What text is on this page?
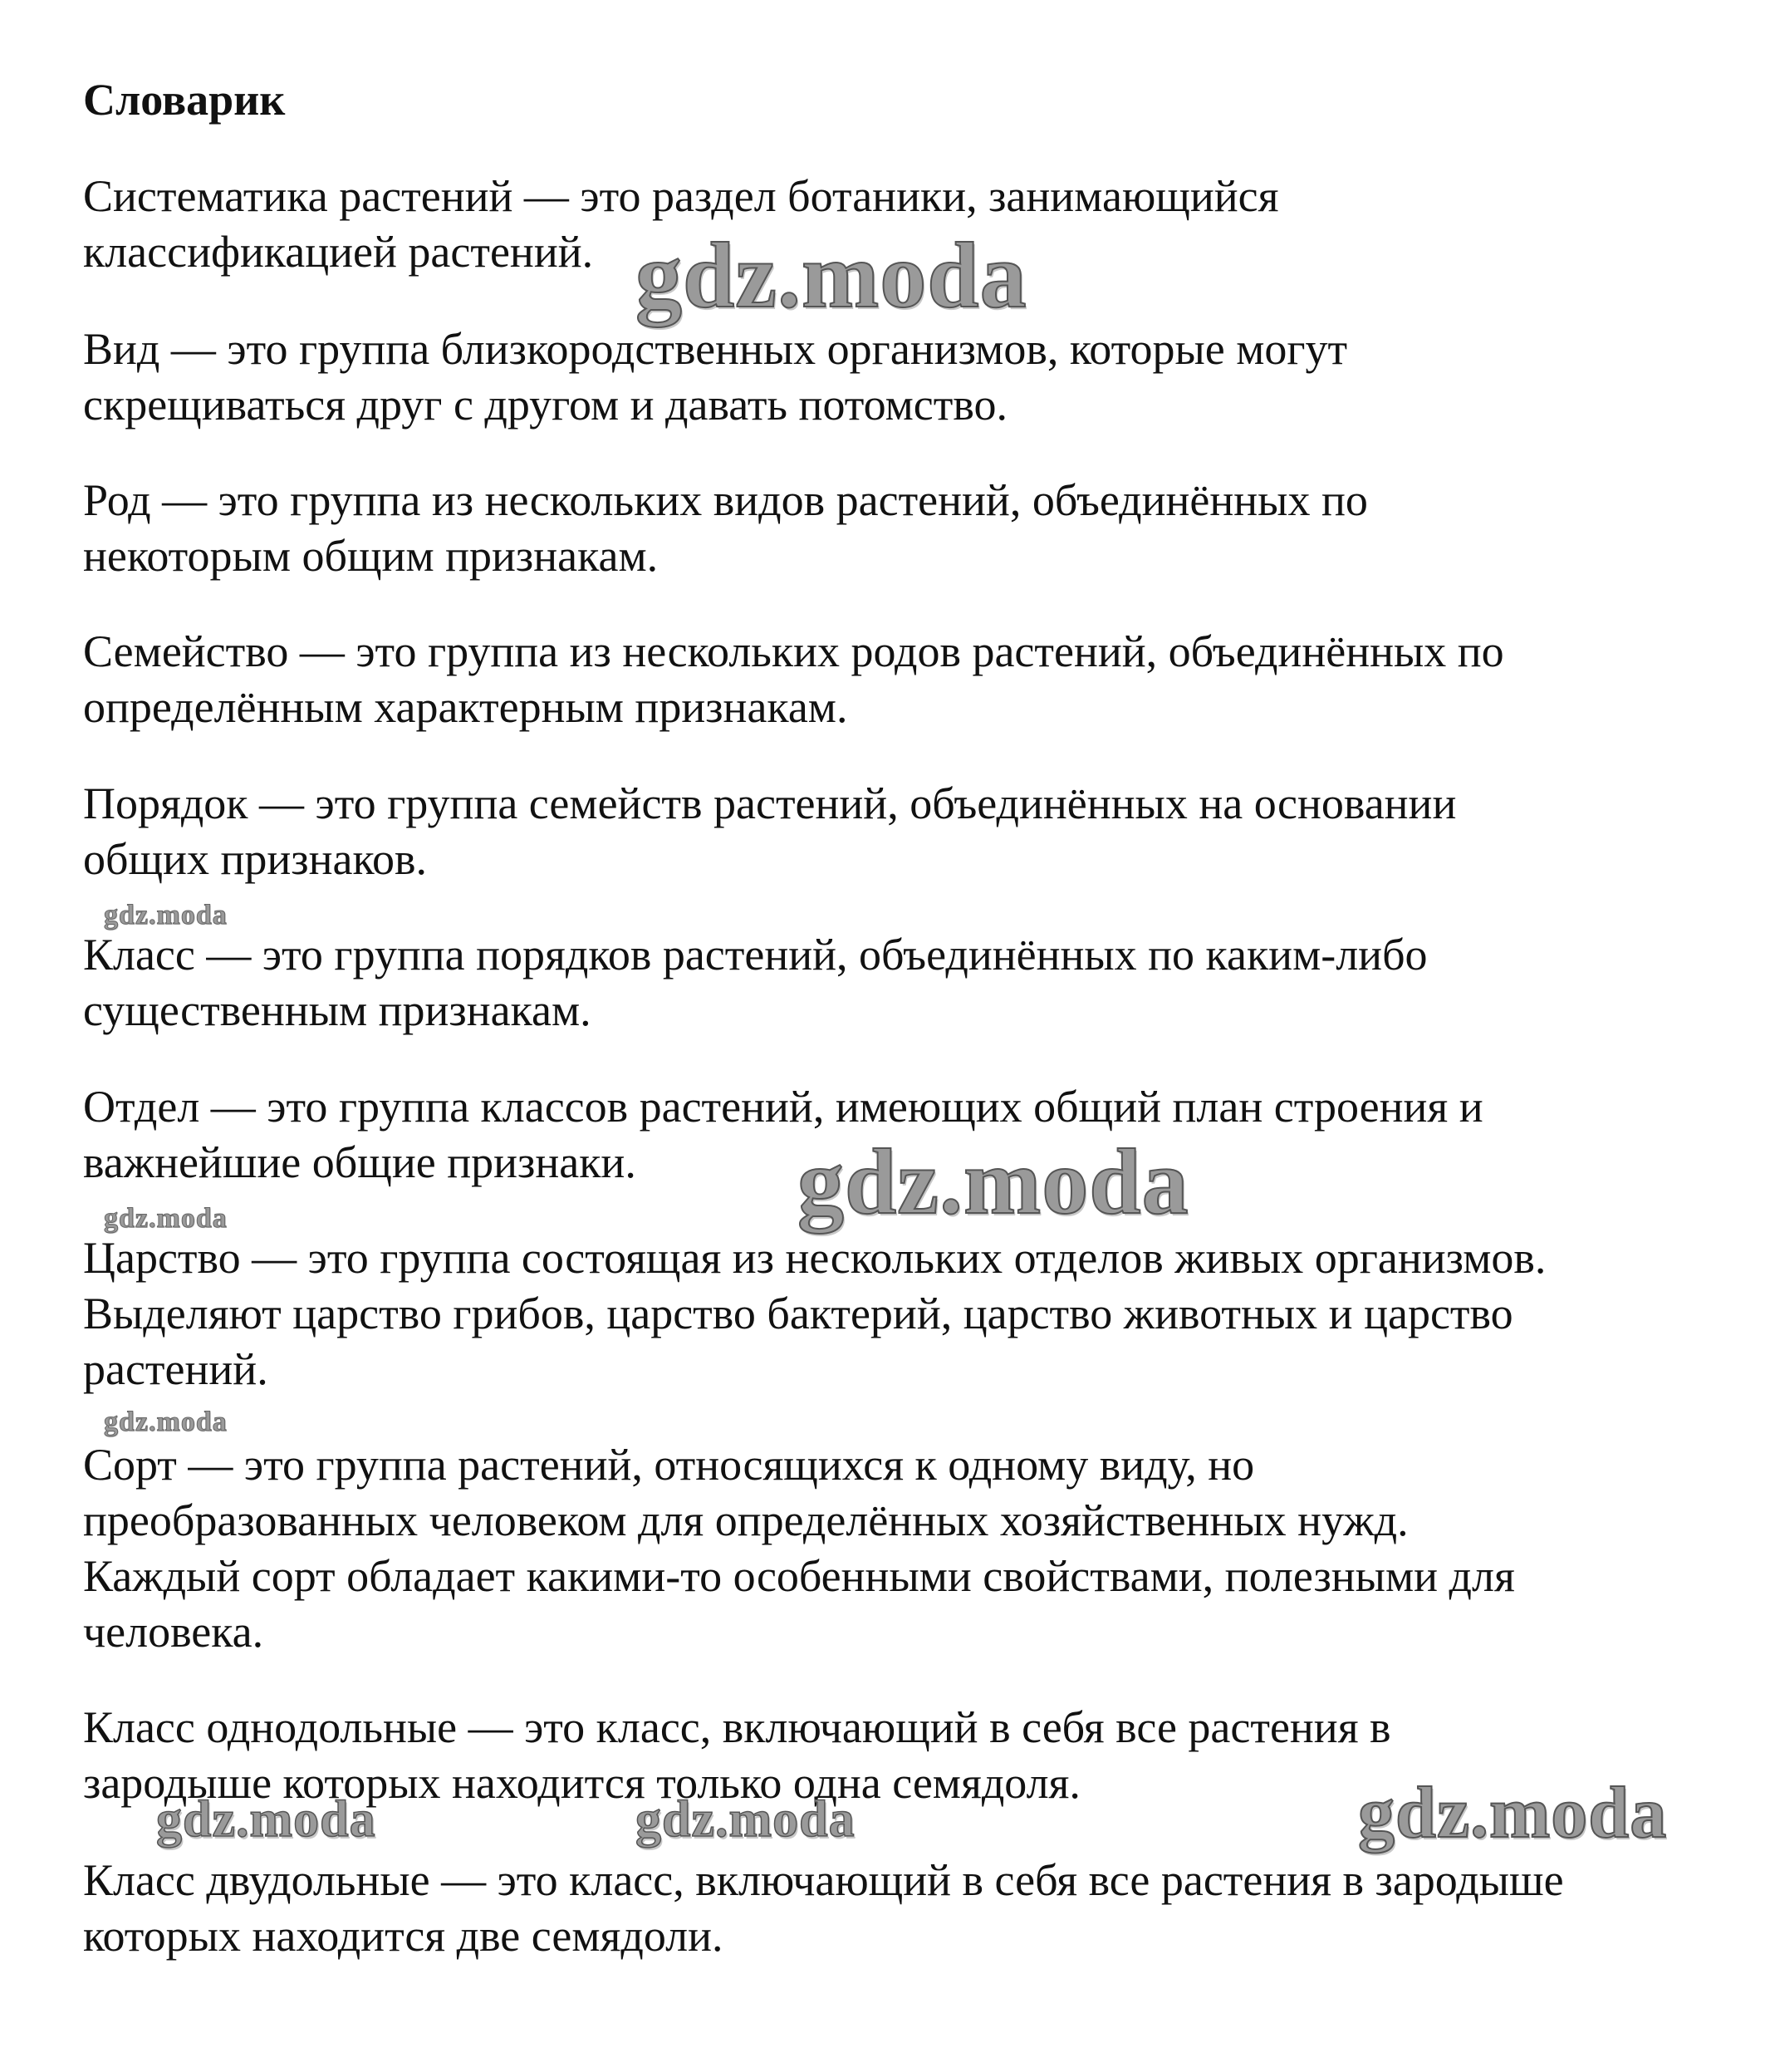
Словарик

Систематика растений — это раздел ботаники, занимающийся
классификацией растений.

Вид — это группа близкородственных организмов, которые могут
скрещиваться друг с другом и давать потомство.

Род — это группа из нескольких видов растений, объединённых по
некоторым общим признакам.

Семейство — это группа из нескольких родов растений, объединённых по
определённым характерным признакам.

Порядок — это группа семейств растений, объединённых на основании
общих признаков.

Класс — это группа порядков растений, объединённых по каким-либо
существенным признакам.

Отдел — это группа классов растений, имеющих общий план строения и
важнейшие общие признаки.

Царство — это группа состоящая из нескольких отделов живых организмов.
Выделяют царство грибов, царство бактерий, царство животных и царство
растений.

Сорт — это группа растений, относящихся к одному виду, но
преобразованных человеком для определённых хозяйственных нужд.
Каждый сорт обладает какими-то особенными свойствами, полезными для
человека.

Класс однодольные — это класс, включающий в себя все растения в
зародыше которых находится только одна семядоля.

Класс двудольные — это класс, включающий в себя все растения в зародыше
которых находится две семядоли.

gdz.moda
gdz.moda
gdz.moda
gdz.moda
gdz.moda
gdz.moda	gdz.moda	gdz.moda
